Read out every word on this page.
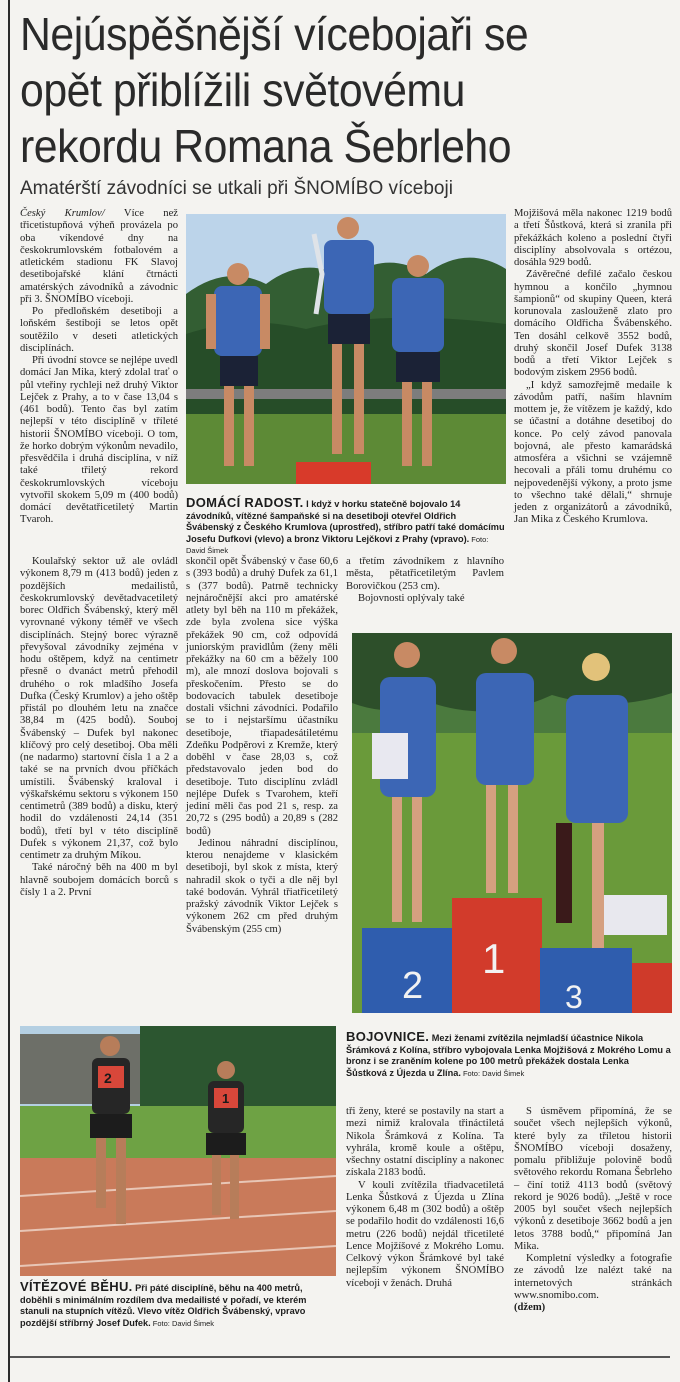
Nejúspěšnější vícebojaři se
opět přiblížili světovému
rekordu Romana Šebrleho
Amatérští závodníci se utkali při ŠNOMÍBO víceboji

Český Krumlov/ Více než třicetistupňová výheň provázela po oba víkendové dny na českokrumlovském fotbalovém a atletickém stadionu FK Slavoj desetibojařské klání čtrnácti amatérských závodníků a závodnic při 3. ŠNOMÍBO víceboji.

Po předloňském desetiboji a loňském šestiboji se letos opět soutěžilo v deseti atletických disciplínách.

Při úvodní stovce se nejlépe uvedl domácí Jan Mika, který zdolal trať o půl vteřiny rychleji než druhý Viktor Lejček z Prahy, a to v čase 13,04 s (461 bodů). Tento čas byl zatím nejlepší v této disciplíně v tříleté historii ŠNOMÍBO víceboji. O tom, že horko dobrým výkonům nevadilo, přesvědčila i druhá disciplína, v níž také třiletý rekord českokrumlovských víceboju vytvořil skokem 5,09 m (400 bodů) domácí devětatřicetiletý Martin Tvaroh.

DOMÁCÍ RADOST. I když v horku statečně bojovalo 14 závodníků, vítězné šampaňské si na desetiboji otevřel Oldřich Švábenský z Českého Krumlova (uprostřed), stříbro patří také domácímu Josefu Dufkovi (vlevo) a bronz Viktoru Lejčkovi z Prahy (vpravo). Foto: David Šimek

Koulařský sektor už ale ovládl výkonem 8,79 m (413 bodů) jeden z pozdějších medailistů, českokrumlovský devětadvacetiletý borec Oldřich Švábenský, který měl vyrovnané výkony téměř ve všech disciplínách. Stejný borec výrazně převyšoval závodníky zejména v hodu oštěpem, když na centimetr přesně o dvanáct metrů přehodil druhého o rok mladšího Josefa Dufka (Český Krumlov) a jeho oštěp přistál po dlouhém letu na značce 38,84 m (425 bodů). Souboj Švábenský – Dufek byl nakonec klíčový pro celý desetiboj. Oba měli (ne nadarmo) startovní čísla 1 a 2 a také se na prvních dvou příčkách umístili. Švábenský kraloval i výškařskému sektoru s výkonem 150 centimetrů (389 bodů) a disku, který hodil do vzdálenosti 24,14 (351 bodů), třetí byl v této disciplíně Dufek s výkonem 21,37, což bylo centimetr za druhým Míkou.

Také náročný běh na 400 m byl hlavně soubojem domácích borců s čísly 1 a 2. První

skončil opět Švábenský v čase 60,6 s (393 bodů) a druhý Dufek za 61,1 s (377 bodů). Patrně technicky nejnáročnější akci pro amatérské atlety byl běh na 110 m překážek, zde byla zvolena sice výška překážek 90 cm, což odpovídá juniorským pravidlům (ženy měli překážky na 60 cm a běžely 100 m), ale mnozí doslova bojovali s přeskočením. Přesto se do bodovacích tabulek desetiboje dostali všichni závodníci. Podařilo se to i nejstaršímu účastníku desetiboje, třiapadesátiletému Zdeňku Podpěrovi z Kremže, který doběhl v čase 28,03 s, což představovalo jeden bod do desetiboje. Tuto disciplínu zvládl nejlépe Dufek s Tvarohem, kteří jediní měli čas pod 21 s, resp. za 20,72 s (295 bodů) a 20,89 s (282 bodů)

Jedinou náhradní disciplínou, kterou nenajdeme v klasickém desetiboji, byl skok z místa, který nahradil skok o tyči a dle něj byl také bodován. Vyhrál třiatřicetiletý pražský závodník Viktor Lejček s výkonem 262 cm před druhým Švábenským (255 cm)

a třetím závodníkem z hlavního města, pětatřicetiletým Pavlem Borovičkou (253 cm).

Bojovnosti oplývaly také

Mojžišová měla nakonec 1219 bodů a třetí Šůstková, která si zranila při překážkách koleno a poslední čtyři disciplíny absolvovala s ortézou, dosáhla 929 bodů.

Závěrečné defilé začalo českou hymnou a končilo „hymnou šampionů“ od skupiny Queen, která korunovala zaslouženě zlato pro domácího Oldřicha Švábenského. Ten dosáhl celkově 3552 bodů, druhý skončil Josef Dufek 3138 bodů a třetí Viktor Lejček s bodovým ziskem 2956 bodů.

„I když samozřejmě medaile k závodům patří, naším hlavním mottem je, že vítězem je každý, kdo se účastní a dotáhne desetiboj do konce. Po celý závod panovala bojovná, ale přesto kamarádská atmosféra a všichni se vzájemně hecovali a přáli tomu druhému co nejpovedenější výkony, a proto jsme to všechno také dělali,“ shrnuje jeden z organizátorů a závodníků, Jan Mika z Českého Krumlova.

2
1
3
2
1
BOJOVNICE. Mezi ženami zvítězila nejmladší účastnice Nikola Šrámková z Kolína, stříbro vybojovala Lenka Mojžišová z Mokrého Lomu a bronz i se zraněním kolene po 100 metrů překážek dostala Lenka Šůstková z Újezda u Zlína. Foto: David Šimek

tři ženy, které se postavily na start a mezi nimiž kralovala třináctiletá Nikola Šrámková z Kolína. Ta vyhrála, kromě koule a oštěpu, všechny ostatní disciplíny a nakonec získala 2183 bodů.

V kouli zvítězila třiadvacetiletá Lenka Šůstková z Újezda u Zlína výkonem 6,48 m (302 bodů) a oštěp se podařilo hodit do vzdálenosti 16,6 metru (226 bodů) nejdál třicetileté Lence Mojžíšové z Mokrého Lomu. Celkový výkon Šrámkové byl také nejlepším výkonem ŠNOMÍBO víceboji v ženách. Druhá

S úsměvem připomíná, že se součet všech nejlepších výkonů, které byly za tříletou historii ŠNOMÍBO víceboji dosaženy, pomalu přibližuje polovině bodů světového rekordu Romana Šebrleho – činí totiž 4113 bodů (světový rekord je 9026 bodů). „Ještě v roce 2005 byl součet všech nejlepších výkonů z desetiboje 3662 bodů a jen letos 3788 bodů,“ připomíná Jan Mika.

Kompletní výsledky a fotografie ze závodů lze nalézt také na internetových stránkách www.snomibo.com.

(džem)

VÍTĚZOVÉ BĚHU. Při páté disciplíně, běhu na 400 metrů, doběhli s minimálním rozdílem dva medailisté v pořadí, ve kterém stanuli na stupních vítězů. Vlevo vítěz Oldřich Švábenský, vpravo pozdější stříbrný Josef Dufek. Foto: David Šimek
